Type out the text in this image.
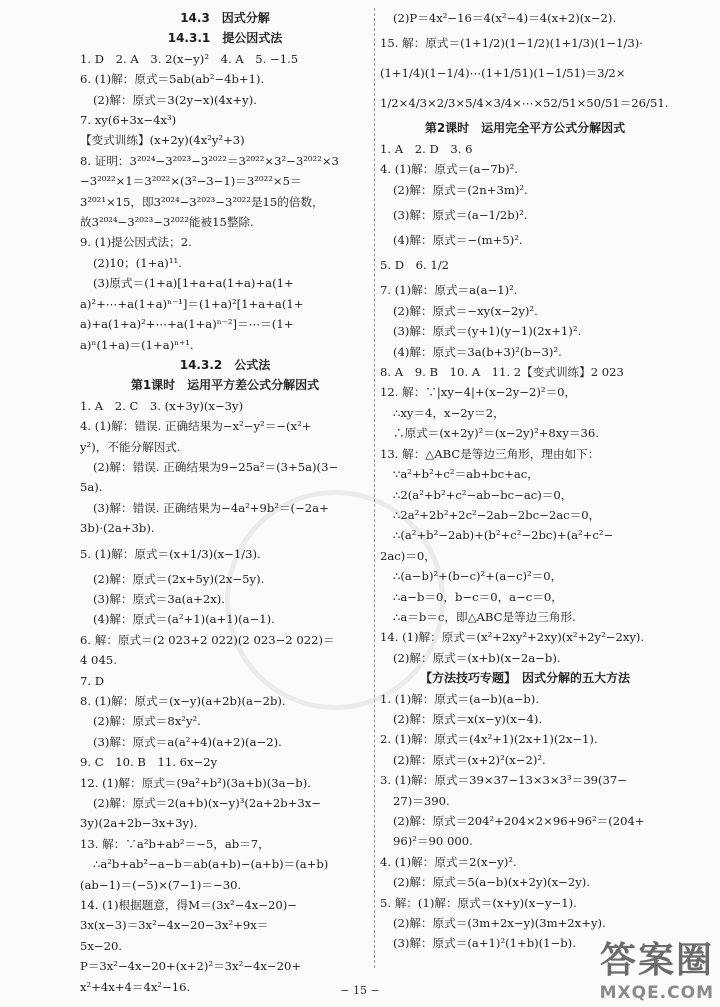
14.3　因式分解
14.3.1　提公因式法
1. D　2. A　3. 2(x−y)²　4. A　5. −1.5
6. (1)解：原式＝5ab(ab²−4b+1).
(2)解：原式＝3(2y−x)(4x+y).
7. xy(6+3x−4x³)
【变式训练】(x+2y)(4x²y²+3)
8. 证明：3²⁰²⁴−3²⁰²³−3²⁰²²＝3²⁰²²×3²−3²⁰²²×3
−3²⁰²²×1＝3²⁰²²×(3²−3−1)＝3²⁰²²×5＝
3²⁰²¹×15，即3²⁰²⁴−3²⁰²³−3²⁰²²是15的倍数，
故3²⁰²⁴−3²⁰²³−3²⁰²²能被15整除.
9. (1)提公因式法；2.
(2)10；(1+a)¹¹.
(3)原式＝(1+a)[1+a+a(1+a)+a(1+
a)²+⋯+a(1+a)ⁿ⁻¹]＝(1+a)²[1+a+a(1+
a)+a(1+a)²+⋯+a(1+a)ⁿ⁻²]＝⋯＝(1+
a)ⁿ(1+a)＝(1+a)ⁿ⁺¹.
14.3.2　公式法
第1课时　运用平方差公式分解因式
1. A　2. C　3. (x+3y)(x−3y)
4. (1)解：错误. 正确结果为−x²−y²＝−(x²+
y²)，不能分解因式.
(2)解：错误. 正确结果为9−25a²＝(3+5a)(3−
5a).
(3)解：错误. 正确结果为−4a²+9b²＝(−2a+
3b)·(2a+3b).
5. (1)解：原式＝(x+1/3)(x−1/3).
(2)解：原式＝(2x+5y)(2x−5y).
(3)解：原式＝3a(a+2x).
(4)解：原式＝(a²+1)(a+1)(a−1).
6. 解：原式＝(2 023+2 022)(2 023−2 022)＝
4 045.
7. D
8. (1)解：原式＝(x−y)(a+2b)(a−2b).
(2)解：原式＝8x²y².
(3)解：原式＝a(a²+4)(a+2)(a−2).
9. C　10. B　11. 6x−2y
12. (1)解：原式＝(9a²+b²)(3a+b)(3a−b).
(2)解：原式＝2(a+b)(x−y)³(2a+2b+3x−
3y)(2a+2b−3x+3y).
13. 解：∵a²b+ab²＝−5，ab＝7，
∴a²b+ab²−a−b＝ab(a+b)−(a+b)＝(a+b)
(ab−1)＝(−5)×(7−1)＝−30.
14. (1)根据题意，得M＝(3x²−4x−20)−
3x(x−3)＝3x²−4x−20−3x²+9x＝
5x−20.
P＝3x²−4x−20+(x+2)²＝3x²−4x−20+
x²+4x+4＝4x²−16.
(2)P＝4x²−16＝4(x²−4)＝4(x+2)(x−2).
15. 解：原式＝(1+1/2)(1−1/2)(1+1/3)(1−1/3)·
(1+1/4)(1−1/4)⋯(1+1/51)(1−1/51)＝3/2×
1/2×4/3×2/3×5/4×3/4×⋯×52/51×50/51＝26/51.
第2课时　运用完全平方公式分解因式
1. A　2. D　3. 6
4. (1)解：原式＝(a−7b)².
(2)解：原式＝(2n+3m)².
(3)解：原式＝(a−1/2b)².
(4)解：原式＝−(m+5)².
5. D　6. 1/2
7. (1)解：原式＝a(a−1)².
(2)解：原式＝−xy(x−2y)².
(3)解：原式＝(y+1)(y−1)(2x+1)².
(4)解：原式＝3a(b+3)²(b−3)².
8. A　9. B　10. A　11. 2【变式训练】2 023
12. 解：∵|xy−4|+(x−2y−2)²＝0，
∴xy＝4，x−2y＝2，
∴原式＝(x+2y)²＝(x−2y)²+8xy＝36.
13. 解：△ABC是等边三角形，理由如下：
∵a²+b²+c²＝ab+bc+ac，
∴2(a²+b²+c²−ab−bc−ac)＝0，
∴2a²+2b²+2c²−2ab−2bc−2ac＝0，
∴(a²+b²−2ab)+(b²+c²−2bc)+(a²+c²−
2ac)＝0，
∴(a−b)²+(b−c)²+(a−c)²＝0，
∴a−b＝0，b−c＝0，a−c＝0，
∴a＝b＝c，即△ABC是等边三角形.
14. (1)解：原式＝(x²+2xy²+2xy)(x²+2y²−2xy).
(2)解：原式＝(x+b)(x−2a−b).
【方法技巧专题】　因式分解的五大方法
1. (1)解：原式＝(a−b)(a−b).
(2)解：原式＝x(x−y)(x−4).
2. (1)解：原式＝(4x²+1)(2x+1)(2x−1).
(2)解：原式＝(x+2)²(x−2)².
3. (1)解：原式＝39×37−13×3×3³＝39(37−
27)＝390.
(2)解：原式＝204²+204×2×96+96²＝(204+
96)²＝90 000.
4. (1)解：原式＝2(x−y)².
(2)解：原式＝5(a−b)(x+2y)(x−2y).
5. 解：(1)解：原式＝(x+y)(x−y−1).
(2)解：原式＝(3m+2x−y)(3m+2x+y).
(3)解：原式＝(a+1)²(1+b)(1−b).
− 15 −
答案圈
MXQE.COM
